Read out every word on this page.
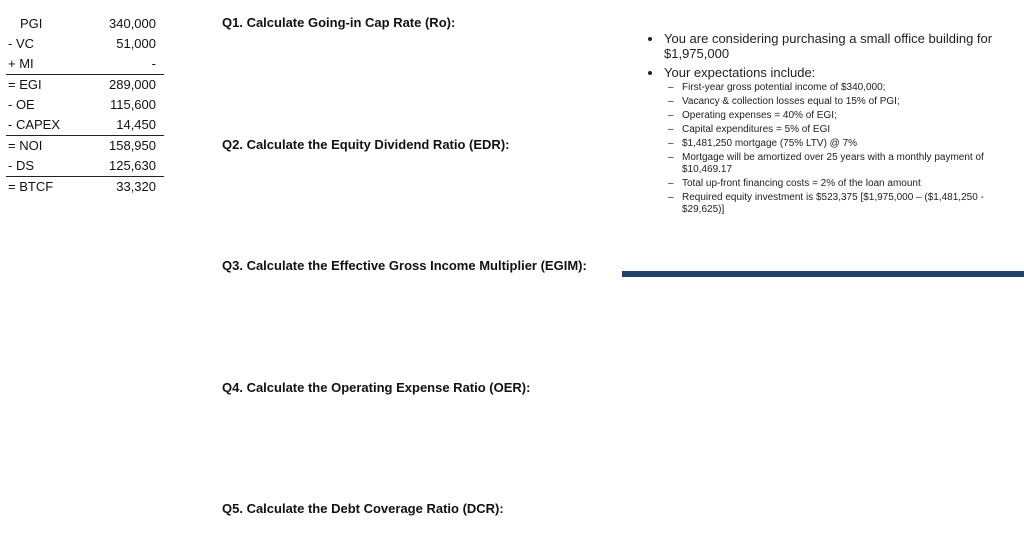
PGI	340,000
- VC	51,000
+ MI	-
= EGI	289,000
- OE	115,600
- CAPEX	14,450
= NOI	158,950
- DS	125,630
= BTCF	33,320
Q1. Calculate Going-in Cap Rate (Ro):
Q2. Calculate the Equity Dividend Ratio (EDR):
Q3. Calculate the Effective Gross Income Multiplier (EGIM):
Q4. Calculate the Operating Expense Ratio (OER):
Q5. Calculate the Debt Coverage Ratio (DCR):
You are considering purchasing a small office building for $1,975,000
Your expectations include:
– First-year gross potential income of $340,000;
– Vacancy & collection losses equal to 15% of PGI;
– Operating expenses = 40% of EGI;
– Capital expenditures = 5% of EGI
– $1,481,250 mortgage (75% LTV) @ 7%
– Mortgage will be amortized over 25 years with a monthly payment of $10,469.17
– Total up-front financing costs = 2% of the loan amount
– Required equity investment is $523,375 [$1,975,000 – ($1,481,250 - $29,625)]
